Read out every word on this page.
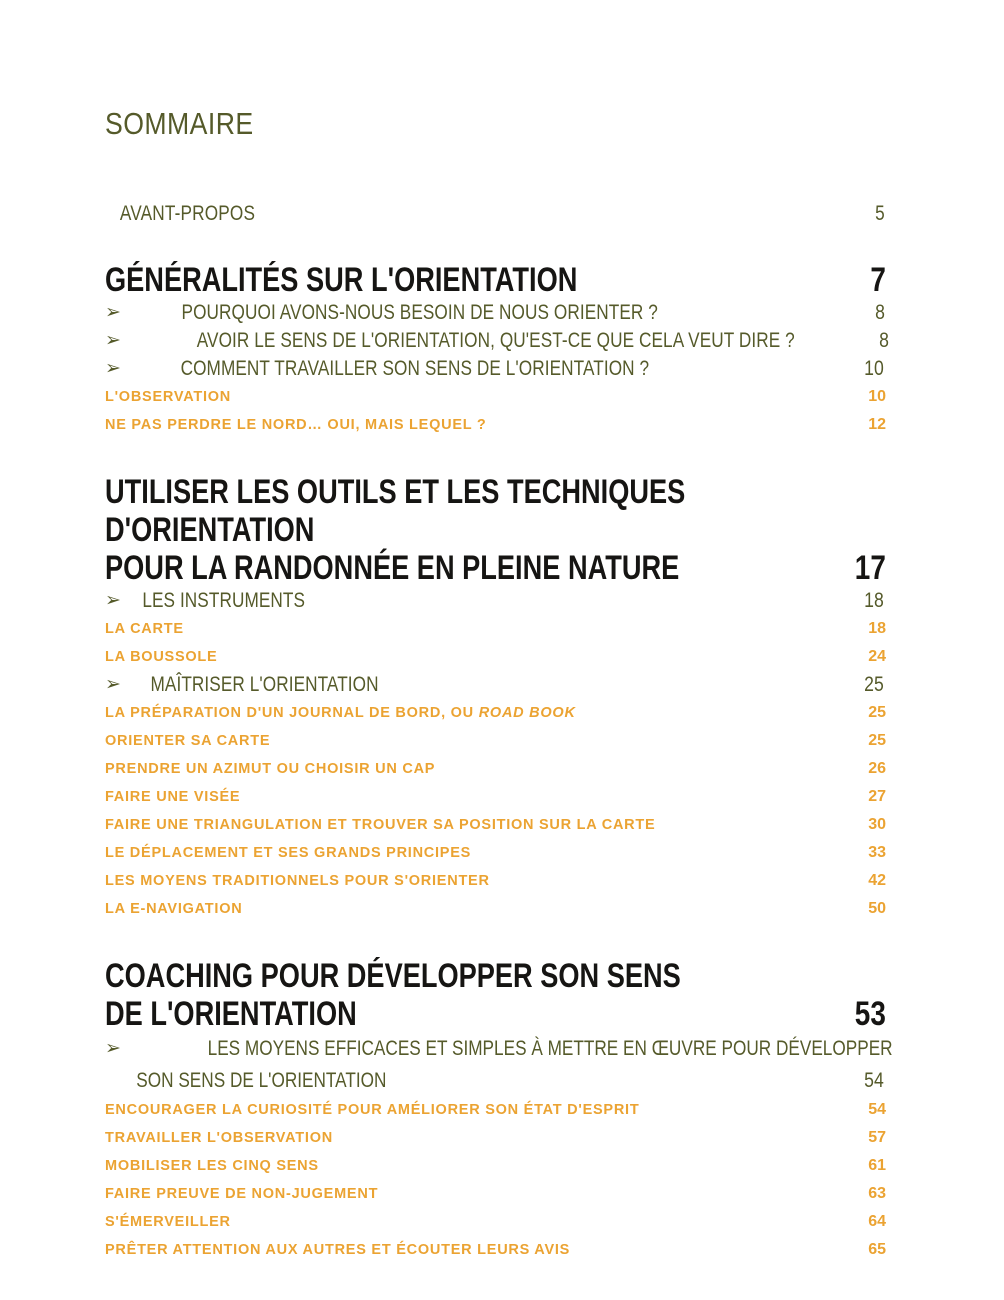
SOMMAIRE
AVANT-PROPOS	5
GÉNÉRALITÉS SUR L'ORIENTATION	7
➢	POURQUOI AVONS-NOUS BESOIN DE NOUS ORIENTER ?	8
➢	AVOIR LE SENS DE L'ORIENTATION, QU'EST-CE QUE CELA VEUT DIRE ?	8
➢	COMMENT TRAVAILLER SON SENS DE L'ORIENTATION ?	10
L'OBSERVATION	10
NE PAS PERDRE LE NORD… OUI, MAIS LEQUEL ?	12
UTILISER LES OUTILS ET LES TECHNIQUES D'ORIENTATION
POUR LA RANDONNÉE EN PLEINE NATURE	17
➢ LES INSTRUMENTS	18
LA CARTE	18
LA BOUSSOLE	24
➢ MAÎTRISER L'ORIENTATION	25
LA PRÉPARATION D'UN JOURNAL DE BORD, OU ROAD BOOK	25
ORIENTER SA CARTE	25
PRENDRE UN AZIMUT OU CHOISIR UN CAP	26
FAIRE UNE VISÉE	27
FAIRE UNE TRIANGULATION ET TROUVER SA POSITION SUR LA CARTE	30
LE DÉPLACEMENT ET SES GRANDS PRINCIPES	33
LES MOYENS TRADITIONNELS POUR S'ORIENTER	42
LA E-NAVIGATION	50
COACHING POUR DÉVELOPPER SON SENS DE L'ORIENTATION	53
➢	LES MOYENS EFFICACES ET SIMPLES À METTRE EN ŒUVRE POUR DÉVELOPPER
SON SENS DE L'ORIENTATION	54
ENCOURAGER LA CURIOSITÉ POUR AMÉLIORER SON ÉTAT D'ESPRIT	54
TRAVAILLER L'OBSERVATION	57
MOBILISER LES CINQ SENS	61
FAIRE PREUVE DE NON-JUGEMENT	63
S'ÉMERVEILLER	64
PRÊTER ATTENTION AUX AUTRES ET ÉCOUTER LEURS AVIS	65
